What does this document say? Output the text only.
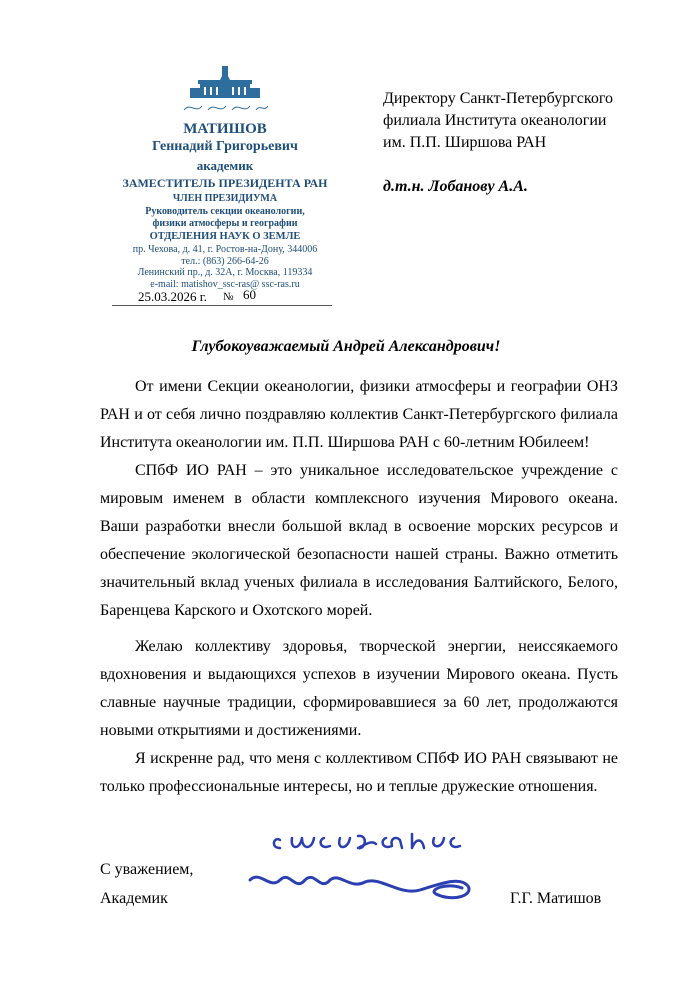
МАТИШОВ
Геннадий Григорьевич
академик
ЗАМЕСТИТЕЛЬ ПРЕЗИДЕНТА РАН
ЧЛЕН ПРЕЗИДИУМА
Руководитель секции океанологии,
физики атмосферы и географии
ОТДЕЛЕНИЯ НАУК О ЗЕМЛЕ
пр. Чехова, д. 41, г. Ростов-на-Дону, 344006
тел.: (863) 266-64-26
Ленинский пр., д. 32А, г. Москва, 119334
e-mail: matishov_ssc-ras@ ssc-ras.ru
25.03.2026 г. № 60
Директору Санкт-Петербургского
филиала Института океанологии
им. П.П. Ширшова РАН
д.т.н. Лобанову А.А.
Глубокоуважаемый Андрей Александрович!

От имени Секции океанологии, физики атмосферы и географии ОНЗ РАН и от себя лично поздравляю коллектив Санкт-Петербургского филиала Института океанологии им. П.П. Ширшова РАН с 60-летним Юбилеем!

СПбФ ИО РАН – это уникальное исследовательское учреждение с мировым именем в области комплексного изучения Мирового океана. Ваши разработки внесли большой вклад в освоение морских ресурсов и обеспечение экологической безопасности нашей страны. Важно отметить значительный вклад ученых филиала в исследования Балтийского, Белого, Баренцева Карского и Охотского морей.

Желаю коллективу здоровья, творческой энергии, неиссякаемого вдохновения и выдающихся успехов в изучении Мирового океана. Пусть славные научные традиции, сформировавшиеся за 60 лет, продолжаются новыми открытиями и достижениями.

Я искренне рад, что меня с коллективом СПбФ ИО РАН связывают не только профессиональные интересы, но и теплые дружеские отношения.

С уважением,
Академик	Г.Г. Матишов
